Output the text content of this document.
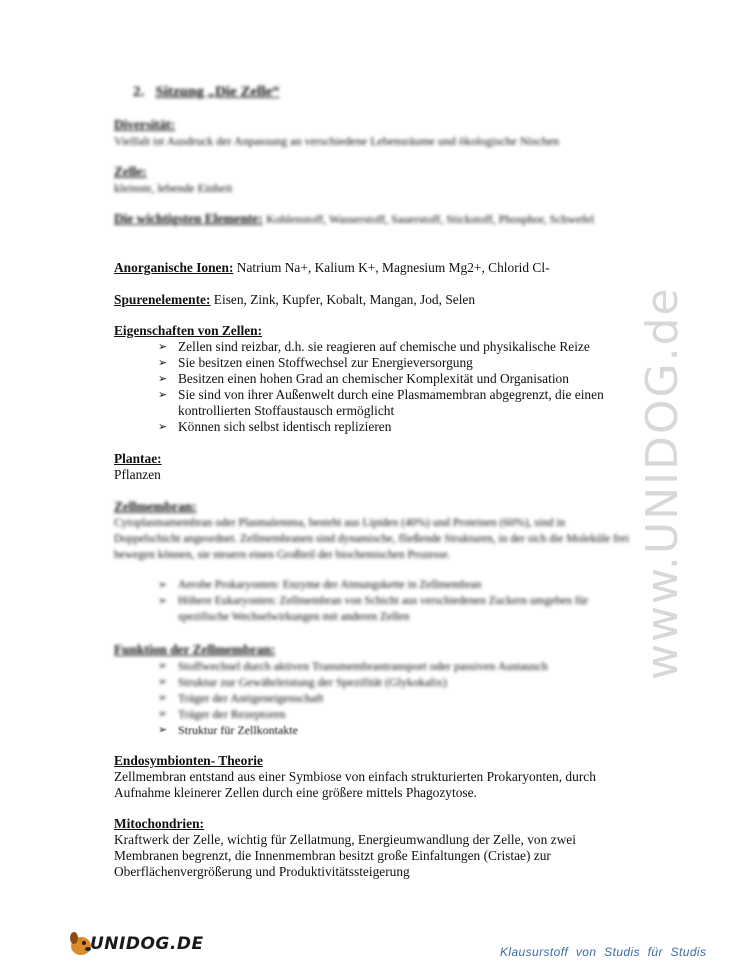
2. Sitzung „Die Zelle“
Diversität:
Vielfalt ist Ausdruck der Anpassung an verschiedene Lebensräume und ökologische Nischen
Zelle:
kleinste, lebende Einheit
Die wichtigsten Elemente: Kohlenstoff, Wasserstoff, Sauerstoff, Stickstoff, Phosphor, Schwefel
Anorganische Ionen: Natrium Na+, Kalium K+, Magnesium Mg2+, Chlorid Cl-
Spurenelemente: Eisen, Zink, Kupfer, Kobalt, Mangan, Jod, Selen
Eigenschaften von Zellen:
➢ Zellen sind reizbar, d.h. sie reagieren auf chemische und physikalische Reize
➢ Sie besitzen einen Stoffwechsel zur Energieversorgung
➢ Besitzen einen hohen Grad an chemischer Komplexität und Organisation
➢ Sie sind von ihrer Außenwelt durch eine Plasmamembran abgegrenzt, die einen kontrollierten Stoffaustausch ermöglicht
➢ Können sich selbst identisch replizieren
Plantae:
Pflanzen
Zellmembran:
Cytoplasmamembran oder Plasmalemma, besteht aus Lipiden (40%) und Proteinen (60%), sind in Doppelschicht angeordnet. Zellmembranen sind dynamische, fließende Strukturen, in der sich die Moleküle frei bewegen können, sie steuern einen Großteil der biochemischen Prozesse.
➢ Aerobe Prokaryonten: Enzyme der Atmungskette in Zellmembran
➢ Höhere Eukaryonten: Zellmembran von Schicht aus verschiedenen Zuckern umgeben für spezifische Wechselwirkungen mit anderen Zellen
Funktion der Zellmembran:
➢ Stoffwechsel durch aktiven Transmembrantransport oder passiven Austausch
➢ Struktur zur Gewährleistung der Spezifität (Glykokalix)
➢ Träger der Antigeneigenschaft
➢ Träger der Rezeptoren
➢ Struktur für Zellkontakte
Endosymbionten- Theorie
Zellmembran entstand aus einer Symbiose von einfach strukturierten Prokaryonten, durch Aufnahme kleinerer Zellen durch eine größere mittels Phagozytose.
Mitochondrien:
Kraftwerk der Zelle, wichtig für Zellatmung, Energieumwandlung der Zelle, von zwei Membranen begrenzt, die Innenmembran besitzt große Einfaltungen (Cristae) zur Oberflächenvergrößerung und Produktivitätssteigerung
www.UNIDOG.de
UNIDOG.DE	Klausurstoff von Studis für Studis
